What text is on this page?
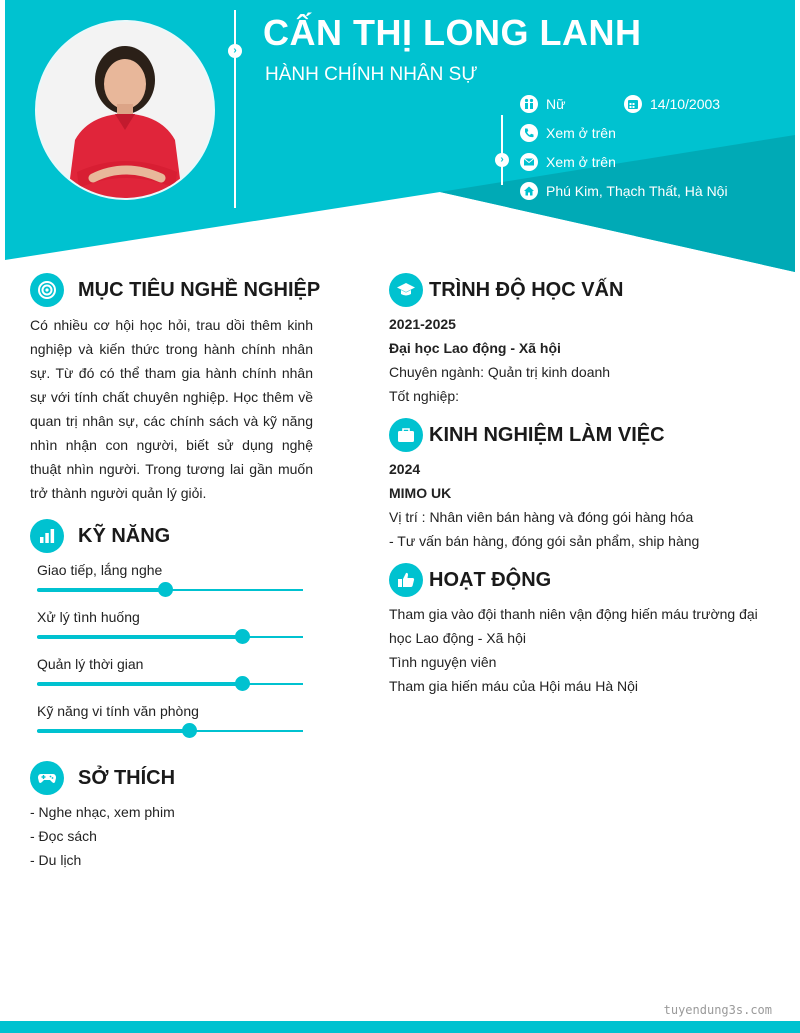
›
›
CẤN THỊ LONG LANH
HÀNH CHÍNH NHÂN SỰ
Nữ	14/10/2003
Xem ở trên
Xem ở trên
Phú Kim, Thạch Thất, Hà Nội
MỤC TIÊU NGHỀ NGHIỆP
Có nhiều cơ hội học hỏi, trau dồi thêm kinh nghiệp và kiến thức trong hành chính nhân sự. Từ đó có thể tham gia hành chính nhân sự với tính chất chuyên nghiệp. Học thêm về quan trị nhân sự, các chính sách và kỹ năng nhìn nhận con người, biết sử dụng nghệ thuật nhìn người. Trong tương lai gần muốn trở thành người quản lý giỏi.
KỸ NĂNG
Giao tiếp, lắng nghe
Xử lý tình huống
Quản lý thời gian
Kỹ năng vi tính văn phòng
SỞ THÍCH
- Nghe nhạc, xem phim
- Đọc sách
- Du lịch
TRÌNH ĐỘ HỌC VẤN
2021-2025
Đại học Lao động - Xã hội
Chuyên ngành: Quản trị kinh doanh
Tốt nghiệp:
KINH NGHIỆM LÀM VIỆC
2024
MIMO UK
Vị trí : Nhân viên bán hàng và đóng gói hàng hóa
- Tư vấn bán hàng, đóng gói sản phẩm, ship hàng
HOẠT ĐỘNG
Tham gia vào đội thanh niên vận động hiến máu trường đại
học Lao động - Xã hội
Tình nguyện viên
Tham gia hiến máu của Hội máu Hà Nội
tuyendung3s.com
